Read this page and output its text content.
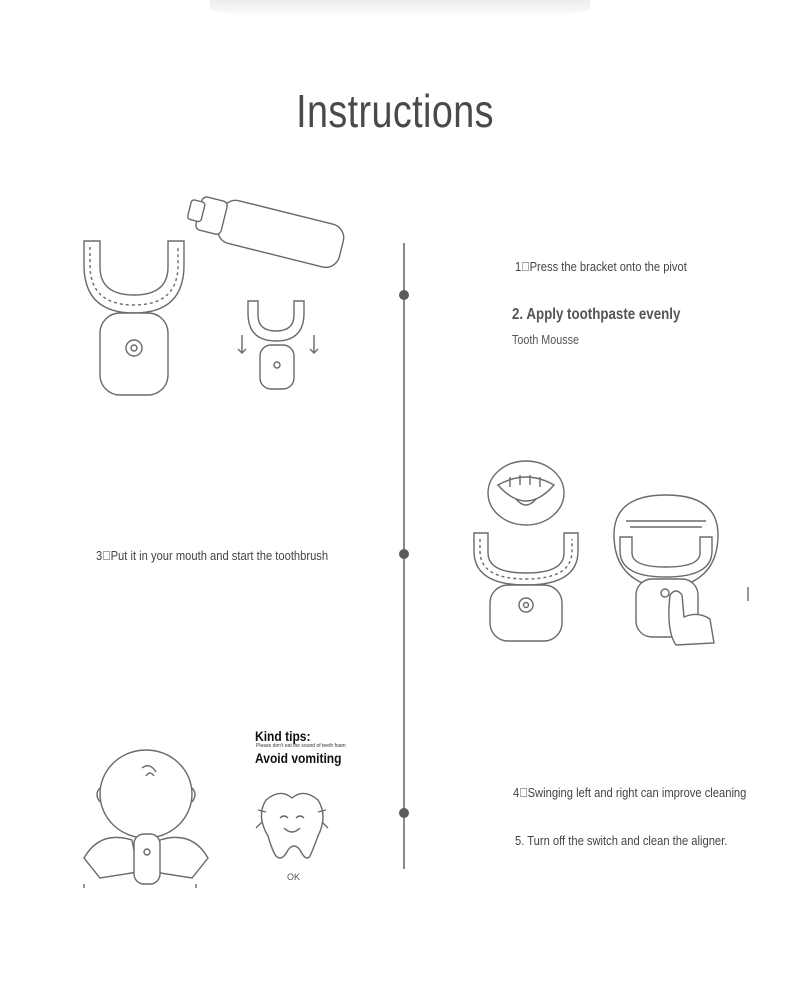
Instructions
1 Press the bracket onto the pivot
2. Apply toothpaste evenly
Tooth Mousse
3 Put it in your mouth and start the toothbrush
Kind tips:
Please don't eat the sound of teeth foam
Avoid vomiting
OK
4 Swinging left and right can improve cleaning
5. Turn off the switch and clean the aligner.
